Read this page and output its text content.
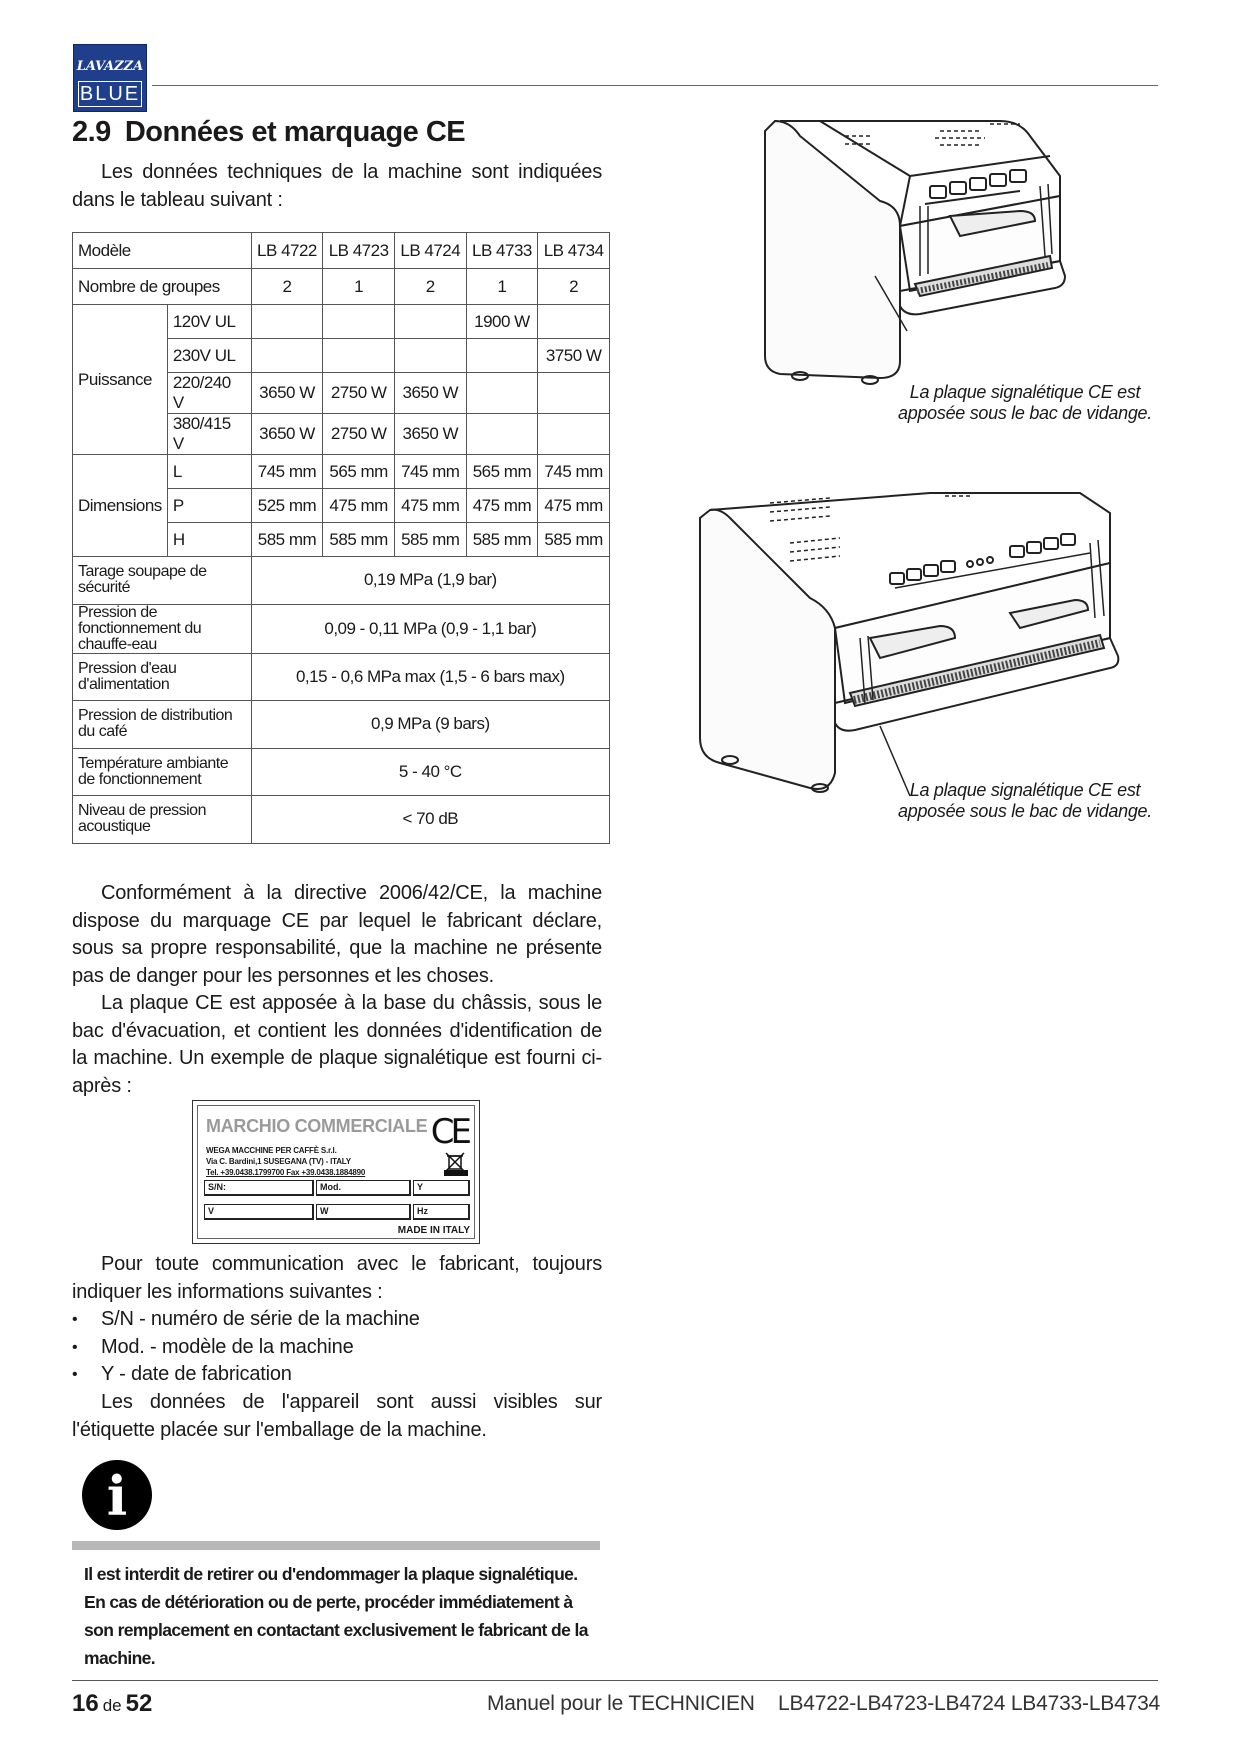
LAVAZZA
BLUE
2.9 Données et marquage CE
Les données techniques de la machine sont indiquées dans le tableau suivant :
Modèle		LB 4722	LB 4723	LB 4724	LB 4733	LB 4734
Nombre de groupes		2	1	2	1	2
Puissance	120V UL				1900 W	
	230V UL					3750 W
	220/240 V	3650 W	2750 W	3650 W		
	380/415 V	3650 W	2750 W	3650 W		
Dimensions	L	745 mm	565 mm	745 mm	565 mm	745 mm
	P	525 mm	475 mm	475 mm	475 mm	475 mm
	H	585 mm	585 mm	585 mm	585 mm	585 mm
Tarage soupape de sécurité		0,19 MPa (1,9 bar)				
Pression de fonctionnement du chauffe-eau		0,09 - 0,11 MPa (0,9 - 1,1 bar)				
Pression d'eau d'alimentation		0,15 - 0,6 MPa max (1,5 - 6 bars max)				
Pression de distribution du café		0,9 MPa (9 bars)				
Température ambiante de fonctionnement		5 - 40 °C				
Niveau de pression acoustique		< 70 dB				
Conformément à la directive 2006/42/CE, la machine dispose du marquage CE par lequel le fabricant déclare, sous sa propre responsabilité, que la machine ne présente pas de danger pour les personnes et les choses.
La plaque CE est apposée à la base du châssis, sous le bac d'évacuation, et contient les données d'identification de la machine. Un exemple de plaque signalétique est fourni ci-après :
MARCHIO COMMERCIALE CE
WEGA MACCHINE PER CAFFÈ S.r.l.
Via C. Bardini,1 SUSEGANA (TV) - ITALY
Tel. +39.0438.1799700 Fax +39.0438.1884890
S/N:	Mod.	Y
V	W	Hz
MADE IN ITALY
Pour toute communication avec le fabricant, toujours indiquer les informations suivantes :
• S/N - numéro de série de la machine
• Mod. - modèle de la machine
• Y - date de fabrication
Les données de l'appareil sont aussi visibles sur l'étiquette placée sur l'emballage de la machine.
i
Il est interdit de retirer ou d'endommager la plaque signalétique. En cas de détérioration ou de perte, procéder immédiatement à son remplacement en contactant exclusivement le fabricant de la machine.
La plaque signalétique CE est apposée sous le bac de vidange.
La plaque signalétique CE est apposée sous le bac de vidange.
16 de 52	Manuel pour le TECHNICIEN LB4722-LB4723-LB4724 LB4733-LB4734
